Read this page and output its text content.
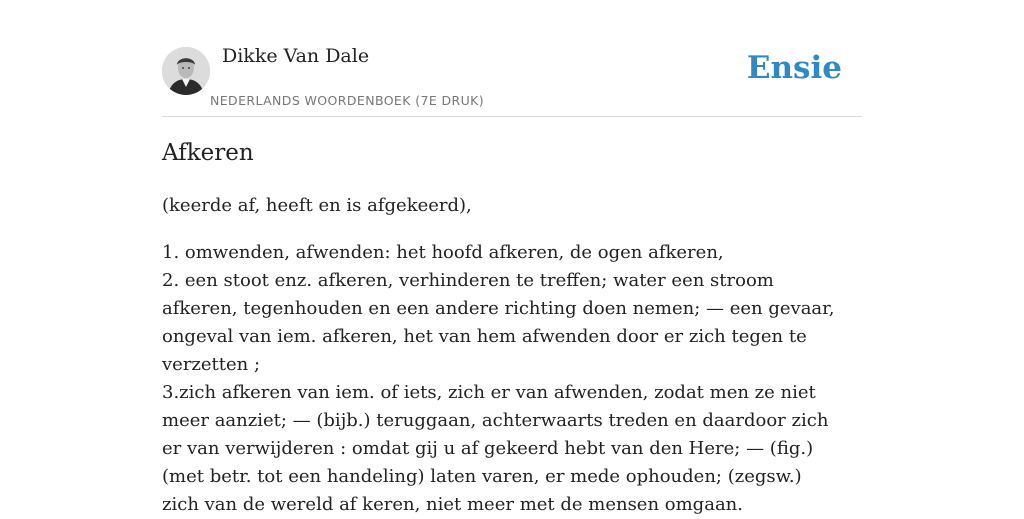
Dikke Van Dale
NEDERLANDS WOORDENBOEK (7E DRUK)
Ensie
Afkeren

(keerde af, heeft en is afgekeerd),

1. omwenden, afwenden: het hoofd afkeren, de ogen afkeren,
2. een stoot enz. afkeren, verhinderen te treffen; water een stroom afkeren, tegenhouden en een andere richting doen nemen; — een gevaar, ongeval van iem. afkeren, het van hem afwenden door er zich tegen te verzetten ;

3.zich afkeren van iem. of iets, zich er van afwenden, zodat men ze niet meer aanziet; — (bijb.) teruggaan, achterwaarts treden en daardoor zich er van verwijderen : omdat gij u af gekeerd hebt van den Here; — (fig.) (met betr. tot een handeling) laten varen, er mede ophouden; (zegsw.) zich van de wereld af keren, niet meer met de mensen omgaan.
